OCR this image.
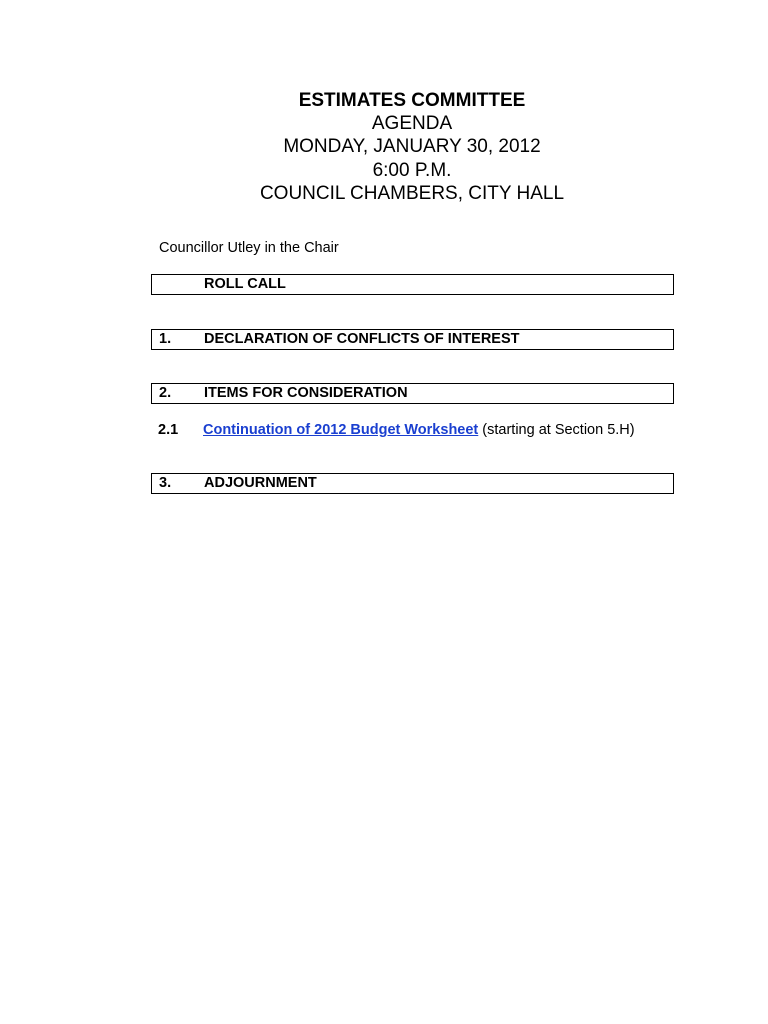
ESTIMATES COMMITTEE
AGENDA
MONDAY, JANUARY 30, 2012
6:00 P.M.
COUNCIL CHAMBERS, CITY HALL
Councillor Utley in the Chair
ROLL CALL
1. DECLARATION OF CONFLICTS OF INTEREST
2. ITEMS FOR CONSIDERATION
2.1 Continuation of 2012 Budget Worksheet (starting at Section 5.H)
3. ADJOURNMENT
